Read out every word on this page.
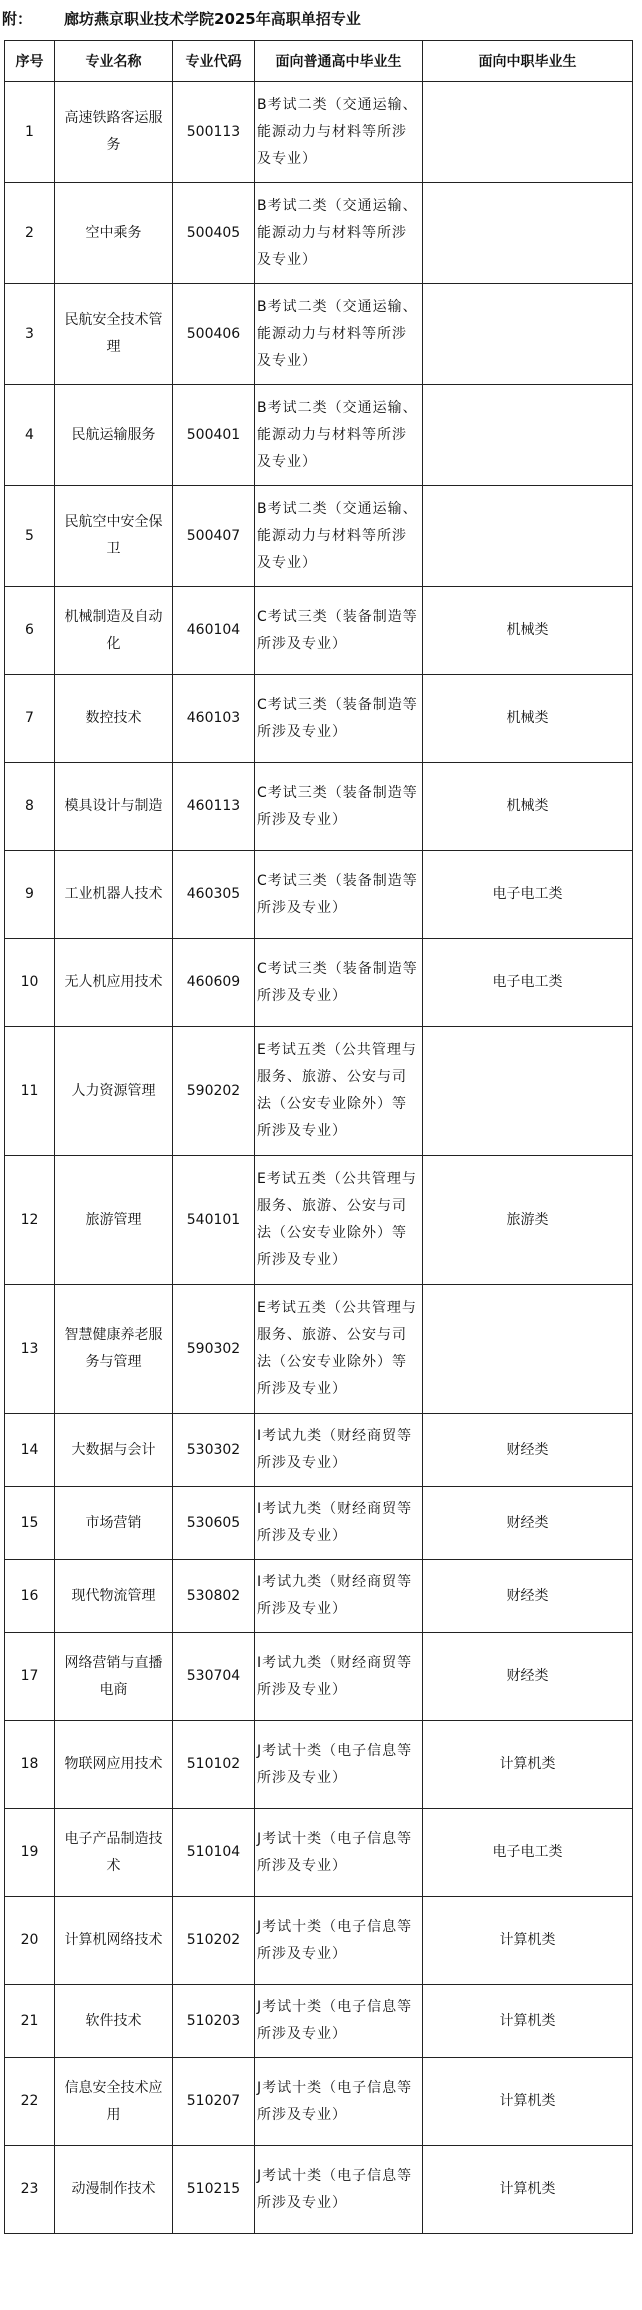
附： 廊坊燕京职业技术学院2025年高职单招专业
序号	专业名称	专业代码	面向普通高中毕业生	面向中职毕业生
1	高速铁路客运服务	500113	B考试二类（交通运输、能源动力与材料等所涉及专业）	
2	空中乘务	500405	B考试二类（交通运输、能源动力与材料等所涉及专业）	
3	民航安全技术管理	500406	B考试二类（交通运输、能源动力与材料等所涉及专业）	
4	民航运输服务	500401	B考试二类（交通运输、能源动力与材料等所涉及专业）	
5	民航空中安全保卫	500407	B考试二类（交通运输、能源动力与材料等所涉及专业）	
6	机械制造及自动化	460104	C考试三类（装备制造等所涉及专业）	机械类
7	数控技术	460103	C考试三类（装备制造等所涉及专业）	机械类
8	模具设计与制造	460113	C考试三类（装备制造等所涉及专业）	机械类
9	工业机器人技术	460305	C考试三类（装备制造等所涉及专业）	电子电工类
10	无人机应用技术	460609	C考试三类（装备制造等所涉及专业）	电子电工类
11	人力资源管理	590202	E考试五类（公共管理与服务、旅游、公安与司法（公安专业除外）等所涉及专业）	
12	旅游管理	540101	E考试五类（公共管理与服务、旅游、公安与司法（公安专业除外）等所涉及专业）	旅游类
13	智慧健康养老服务与管理	590302	E考试五类（公共管理与服务、旅游、公安与司法（公安专业除外）等所涉及专业）	
14	大数据与会计	530302	I考试九类（财经商贸等所涉及专业）	财经类
15	市场营销	530605	I考试九类（财经商贸等所涉及专业）	财经类
16	现代物流管理	530802	I考试九类（财经商贸等所涉及专业）	财经类
17	网络营销与直播电商	530704	I考试九类（财经商贸等所涉及专业）	财经类
18	物联网应用技术	510102	J考试十类（电子信息等所涉及专业）	计算机类
19	电子产品制造技术	510104	J考试十类（电子信息等所涉及专业）	电子电工类
20	计算机网络技术	510202	J考试十类（电子信息等所涉及专业）	计算机类
21	软件技术	510203	J考试十类（电子信息等所涉及专业）	计算机类
22	信息安全技术应用	510207	J考试十类（电子信息等所涉及专业）	计算机类
23	动漫制作技术	510215	J考试十类（电子信息等所涉及专业）	计算机类
